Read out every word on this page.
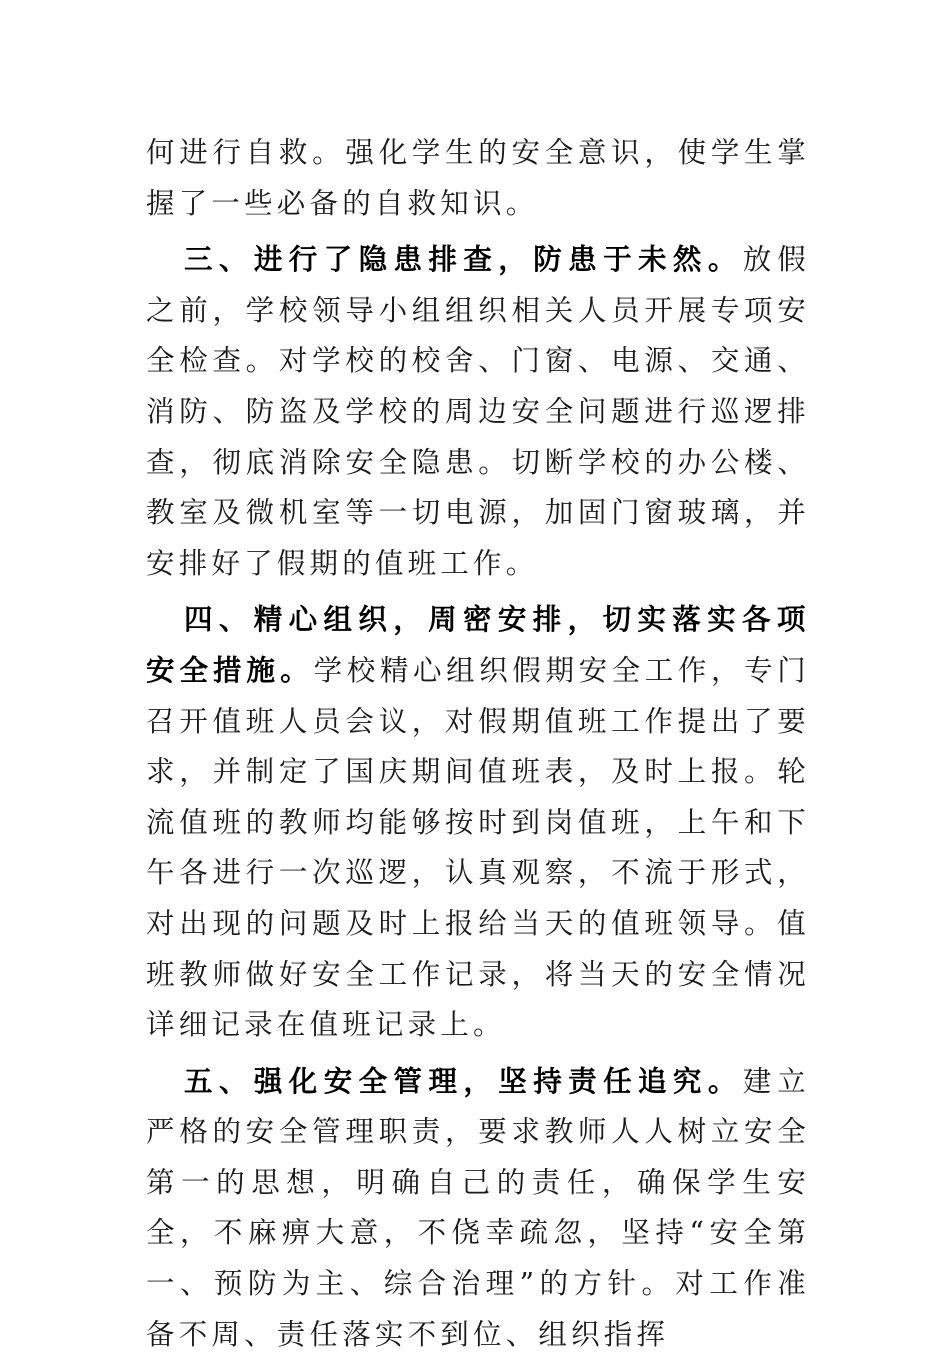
何进行自救。强化学生的安全意识，使学生掌握了一些必备的自救知识。

三、进行了隐患排查，防患于未然。放假之前，学校领导小组组织相关人员开展专项安全检查。对学校的校舍、门窗、电源、交通、消防、防盗及学校的周边安全问题进行巡逻排查，彻底消除安全隐患。切断学校的办公楼、教室及微机室等一切电源，加固门窗玻璃，并安排好了假期的值班工作。

四、精心组织，周密安排，切实落实各项安全措施。学校精心组织假期安全工作，专门召开值班人员会议，对假期值班工作提出了要求，并制定了国庆期间值班表，及时上报。轮流值班的教师均能够按时到岗值班，上午和下午各进行一次巡逻，认真观察，不流于形式，对出现的问题及时上报给当天的值班领导。值班教师做好安全工作记录，将当天的安全情况详细记录在值班记录上。

五、强化安全管理，坚持责任追究。建立严格的安全管理职责，要求教师人人树立安全第一的思想，明确自己的责任，确保学生安全，不麻痹大意，不侥幸疏忽，坚持“安全第一、预防为主、综合治理”的方针。对工作准备不周、责任落实不到位、组织指挥
